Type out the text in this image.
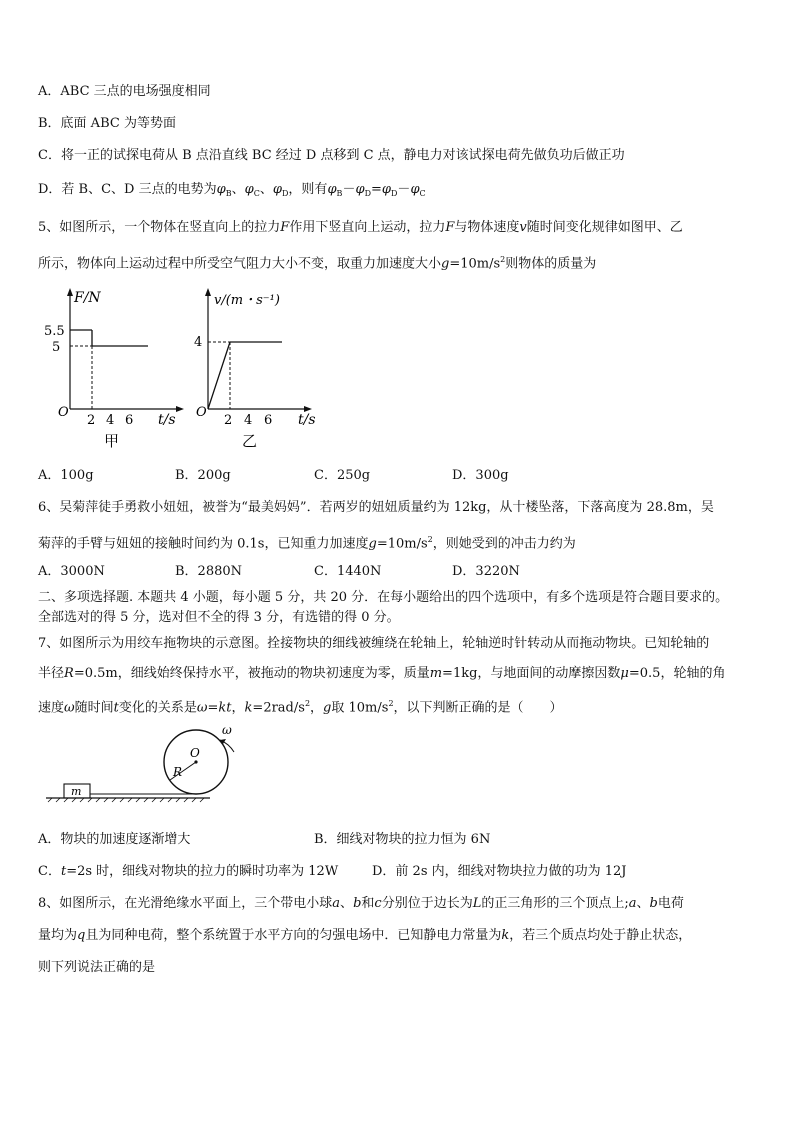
A．ABC 三点的电场强度相同
B．底面 ABC 为等势面
C．将一正的试探电荷从 B 点沿直线 BC 经过 D 点移到 C 点，静电力对该试探电荷先做负功后做正功
D．若 B、C、D 三点的电势为$\varphi_B$、$\varphi_C$、$\varphi_D$，则有$\varphi_B-\varphi_D=\varphi_D-\varphi_C$
5、如图所示，一个物体在竖直向上的拉力F作用下竖直向上运动，拉力F与物体速度v随时间变化规律如图甲、乙
所示，物体向上运动过程中所受空气阻力大小不变，取重力加速度大小$g=10m/s^2$则物体的质量为
F/N
t/s
O
5.5
5
2 4 6
甲
v/(m・s⁻¹)
t/s
O
4
2 4 6
乙
A．100g	B．200g	C．250g	D．300g
6、吴菊萍徒手勇救小妞妞，被誉为“最美妈妈”．若两岁的妞妞质量约为 12kg，从十楼坠落，下落高度为 28.8m，吴
菊萍的手臂与妞妞的接触时间约为 0.1s，已知重力加速度$g=10m/s^2$，则她受到的冲击力约为
A．3000N	B．2880N	C．1440N	D．3220N
二、多项选择题. 本题共 4 小题，每小题 5 分，共 20 分．在每小题给出的四个选项中，有多个选项是符合题目要求的。
全部选对的得 5 分，选对但不全的得 3 分，有选错的得 0 分。
7、如图所示为用绞车拖物块的示意图。拴接物块的细线被缠绕在轮轴上，轮轴逆时针转动从而拖动物块。已知轮轴的
半径R=0.5m，细线始终保持水平，被拖动的物块初速度为零，质量m=1kg，与地面间的动摩擦因数μ=0.5，轮轴的角
速度ω随时间t变化的关系是ω=kt，$k=2rad/s^2$，g取 $10m/s^2$，以下判断正确的是（　　）
O
R
ω
m
A．物块的加速度逐渐增大	B．细线对物块的拉力恒为 6N
C．t=2s 时，细线对物块的拉力的瞬时功率为 12W	D．前 2s 内，细线对物块拉力做的功为 12J
8、如图所示，在光滑绝缘水平面上，三个带电小球a、b和c分别位于边长为L的正三角形的三个顶点上;a、b电荷
量均为q且为同种电荷，整个系统置于水平方向的匀强电场中．已知静电力常量为k，若三个质点均处于静止状态，
则下列说法正确的是
